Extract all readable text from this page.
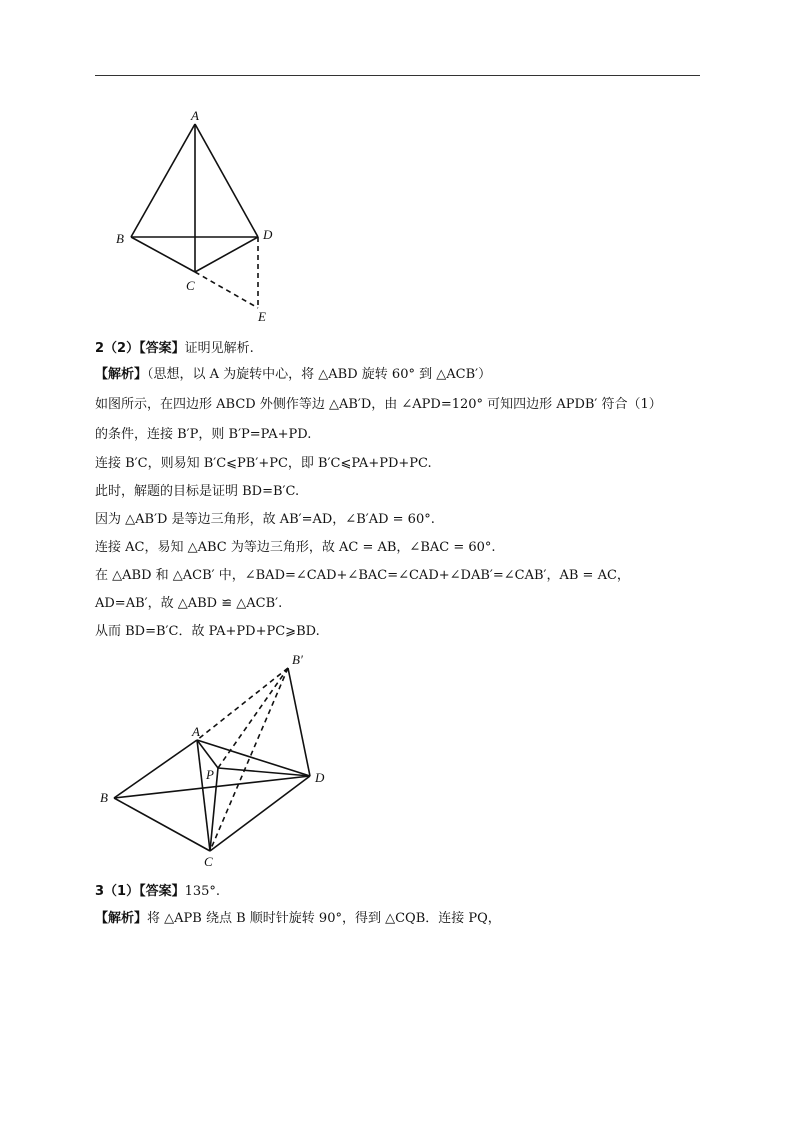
A
B
C
D
E
2（2）【答案】证明见解析.
【解析】（思想，以 A 为旋转中心，将 △ABD 旋转 60° 到 △ACB′）
如图所示，在四边形 ABCD 外侧作等边 △AB′D，由 ∠APD=120° 可知四边形 APDB′ 符合（1）
的条件，连接 B′P，则 B′P=PA+PD.
连接 B′C，则易知 B′C⩽PB′+PC，即 B′C⩽PA+PD+PC.
此时，解题的目标是证明 BD=B′C.
因为 △AB′D 是等边三角形，故 AB′=AD，∠B′AD = 60°.
连接 AC，易知 △ABC 为等边三角形，故 AC = AB，∠BAC = 60°.
在 △ABD 和 △ACB′ 中，∠BAD=∠CAD+∠BAC=∠CAD+∠DAB′=∠CAB′，AB = AC，
AD=AB′，故 △ABD ≌ △ACB′.
从而 BD=B′C．故 PA+PD+PC⩾BD.
B′
A
P	D
B
C
3（1）【答案】135°.
【解析】将 △APB 绕点 B 顺时针旋转 90°，得到 △CQB．连接 PQ，
